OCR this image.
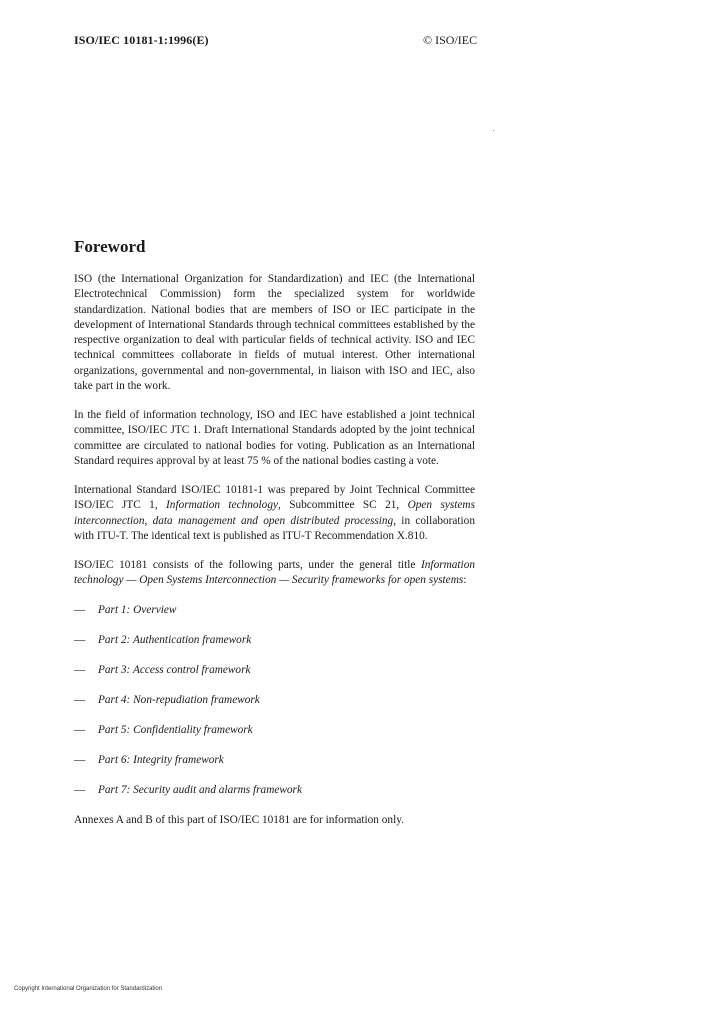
ISO/IEC 10181-1:1996(E)	© ISO/IEC
Foreword

ISO (the International Organization for Standardization) and IEC (the International Electrotechnical Commission) form the specialized system for worldwide standardization. National bodies that are members of ISO or IEC participate in the development of International Standards through technical committees established by the respective organization to deal with particular fields of technical activity. ISO and IEC technical committees collaborate in fields of mutual interest. Other international organizations, governmental and non-governmental, in liaison with ISO and IEC, also take part in the work.

In the field of information technology, ISO and IEC have established a joint technical committee, ISO/IEC JTC 1. Draft International Standards adopted by the joint technical committee are circulated to national bodies for voting. Publication as an International Standard requires approval by at least 75 % of the national bodies casting a vote.

International Standard ISO/IEC 10181-1 was prepared by Joint Technical Committee ISO/IEC JTC 1, Information technology, Subcommittee SC 21, Open systems interconnection, data management and open distributed processing, in collaboration with ITU-T. The identical text is published as ITU-T Recommendation X.810.

ISO/IEC 10181 consists of the following parts, under the general title Information technology — Open Systems Interconnection — Security frameworks for open systems:

—	Part 1: Overview
—	Part 2: Authentication framework
—	Part 3: Access control framework
—	Part 4: Non-repudiation framework
—	Part 5: Confidentiality framework
—	Part 6: Integrity framework
—	Part 7: Security audit and alarms framework

Annexes A and B of this part of ISO/IEC 10181 are for information only.

Copyright International Organization for Standardization
